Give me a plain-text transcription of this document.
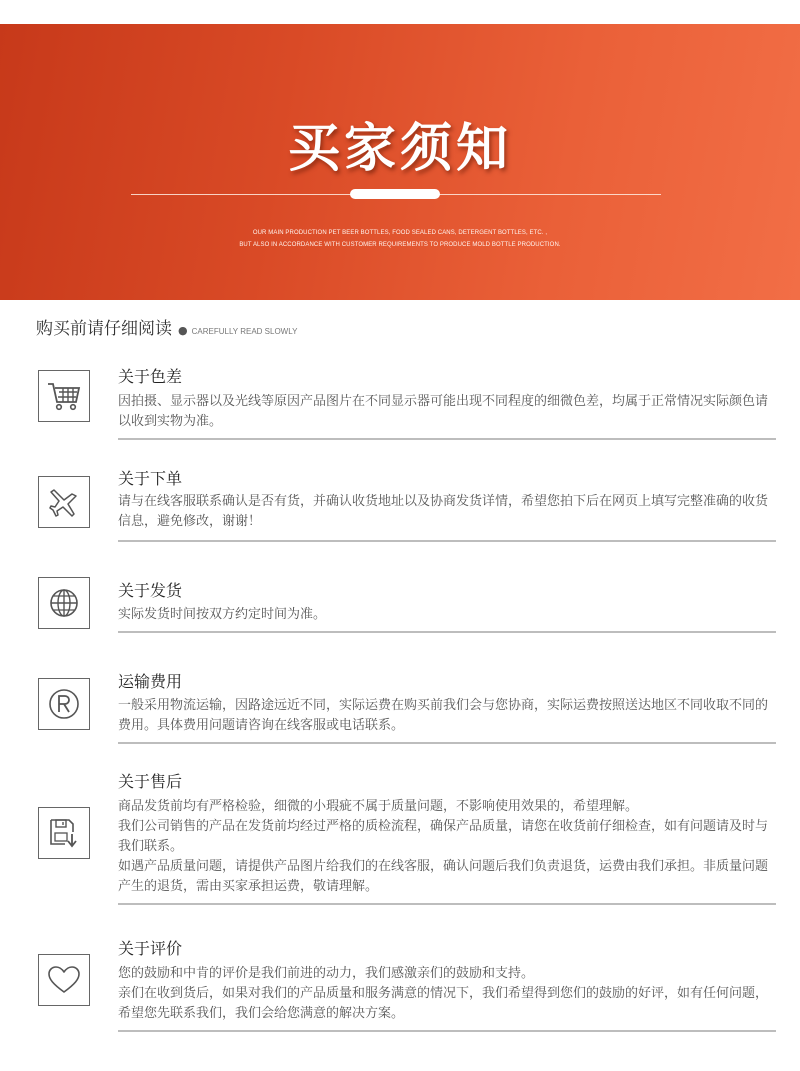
买家须知
OUR MAIN PRODUCTION PET BEER BOTTLES, FOOD SEALED CANS, DETERGENT BOTTLES, ETC. ,
BUT ALSO IN ACCORDANCE WITH CUSTOMER REQUIREMENTS TO PRODUCE MOLD BOTTLE PRODUCTION.
购买前请仔细阅读 ● CAREFULLY READ SLOWLY
关于色差

因拍摄、显示器以及光线等原因产品图片在不同显示器可能出现不同程度的细微色差，均属于正常情况实际颜色请以收到实物为准。

关于下单

请与在线客服联系确认是否有货，并确认收货地址以及协商发货详情，希望您拍下后在网页上填写完整准确的收货信息，避免修改，谢谢！

关于发货

实际发货时间按双方约定时间为准。

运输费用

一般采用物流运输，因路途远近不同，实际运费在购买前我们会与您协商，实际运费按照送达地区不同收取不同的费用。具体费用问题请咨询在线客服或电话联系。

关于售后

商品发货前均有严格检验，细微的小瑕疵不属于质量问题，不影响使用效果的，希望理解。

我们公司销售的产品在发货前均经过严格的质检流程，确保产品质量，请您在收货前仔细检查，如有问题请及时与我们联系。

如遇产品质量问题，请提供产品图片给我们的在线客服，确认问题后我们负责退货，运费由我们承担。非质量问题产生的退货，需由买家承担运费，敬请理解。

关于评价

您的鼓励和中肯的评价是我们前进的动力，我们感激亲们的鼓励和支持。

亲们在收到货后，如果对我们的产品质量和服务满意的情况下，我们希望得到您们的鼓励的好评，如有任何问题，希望您先联系我们，我们会给您满意的解决方案。
